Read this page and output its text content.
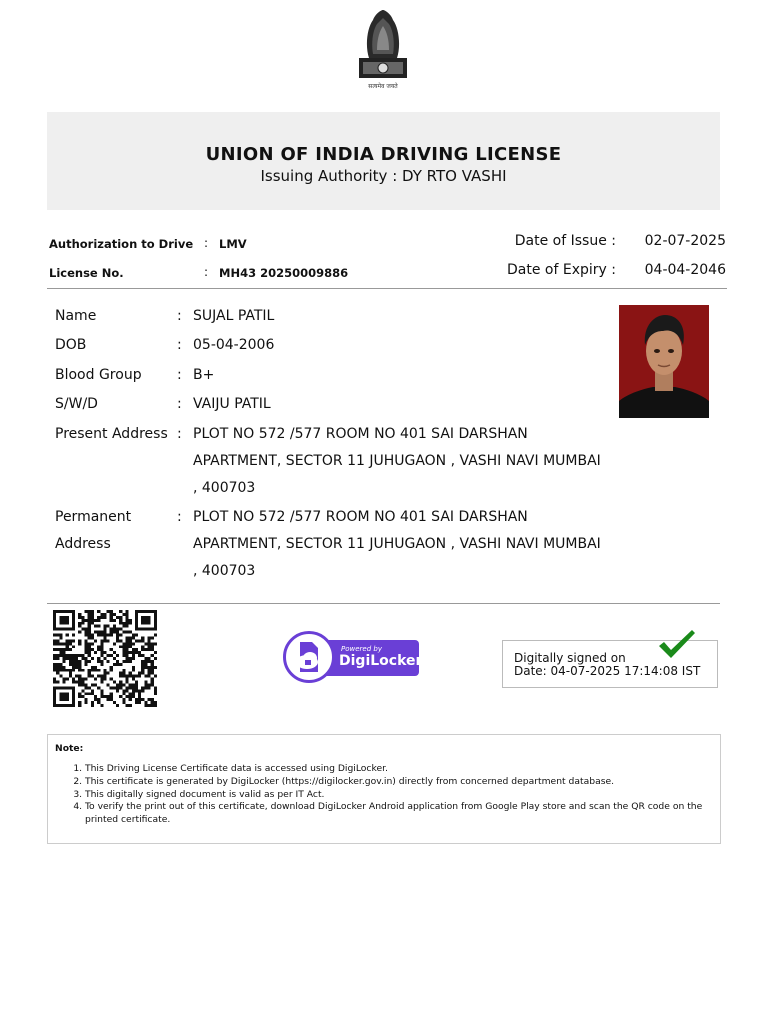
सत्यमेव जयते
UNION OF INDIA DRIVING LICENSE
Issuing Authority : DY RTO VASHI
Authorization to Drive : LMV	Date of Issue : 02-07-2025
License No.	: MH43 20250009886	Date of Expiry : 04-04-2046
Name	: SUJAL PATIL
DOB	: 05-04-2006
Blood Group	: B+
S/W/D	: VAIJU PATIL
Present Address : PLOT NO 572 /577 ROOM NO 401 SAI DARSHAN
APARTMENT, SECTOR 11 JUHUGAON , VASHI NAVI MUMBAI
, 400703
Permanent
Address
: PLOT NO 572 /577 ROOM NO 401 SAI DARSHAN
APARTMENT, SECTOR 11 JUHUGAON , VASHI NAVI MUMBAI
, 400703
Powered by
DigiLocker	Digitally signed on
Date: 04-07-2025 17:14:08 IST
Note:
1. This Driving License Certificate data is accessed using DigiLocker.
2. This certificate is generated by DigiLocker (https://digilocker.gov.in) directly from concerned department database.
3. This digitally signed document is valid as per IT Act.
4. To verify the print out of this certificate, download DigiLocker Android application from Google Play store and scan the QR code on the printed certificate.
